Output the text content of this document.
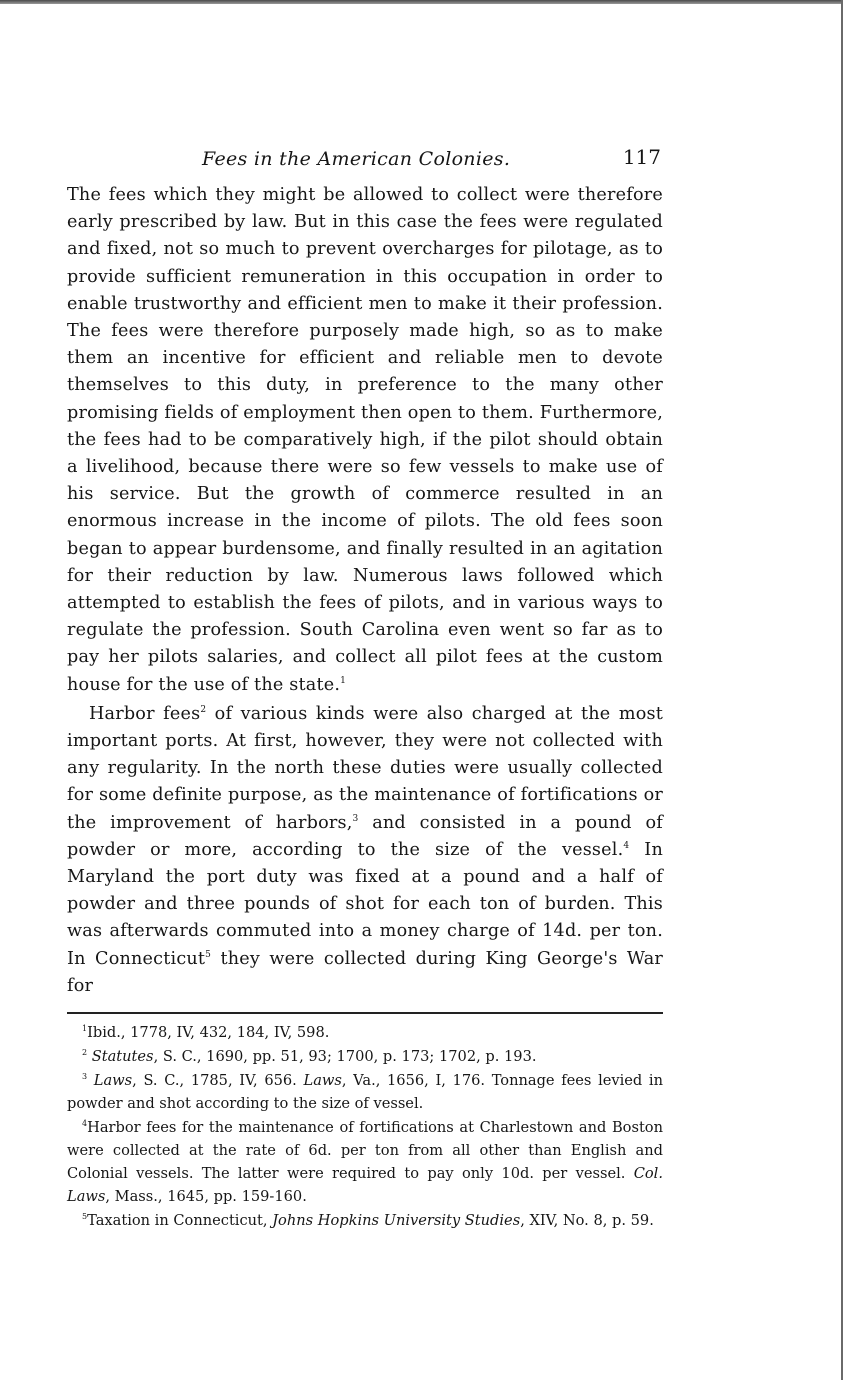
Fees in the American Colonies.	117

The fees which they might be allowed to collect were therefore early prescribed by law. But in this case the fees were regulated and fixed, not so much to prevent overcharges for pilotage, as to provide sufficient remuneration in this occupation in order to enable trustworthy and efficient men to make it their profession. The fees were therefore purposely made high, so as to make them an incentive for efficient and reliable men to devote themselves to this duty, in preference to the many other promising fields of employment then open to them. Furthermore, the fees had to be comparatively high, if the pilot should obtain a livelihood, because there were so few vessels to make use of his service. But the growth of commerce resulted in an enormous increase in the income of pilots. The old fees soon began to appear burdensome, and finally resulted in an agitation for their reduction by law. Numerous laws followed which attempted to establish the fees of pilots, and in various ways to regulate the profession. South Carolina even went so far as to pay her pilots salaries, and collect all pilot fees at the custom house for the use of the state.$^1$

Harbor fees$^2$ of various kinds were also charged at the most important ports. At first, however, they were not collected with any regularity. In the north these duties were usually collected for some definite purpose, as the maintenance of fortifications or the improvement of harbors,$^3$ and consisted in a pound of powder or more, according to the size of the vessel.$^4$ In Maryland the port duty was fixed at a pound and a half of powder and three pounds of shot for each ton of burden. This was afterwards commuted into a money charge of 14d. per ton. In Connecticut$^5$ they were collected during King George's War for

$^1$Ibid., 1778, IV, 432, 184, IV, 598.

$^2$ Statutes, S. C., 1690, pp. 51, 93; 1700, p. 173; 1702, p. 193.

$^3$ Laws, S. C., 1785, IV, 656. Laws, Va., 1656, I, 176. Tonnage fees levied in powder and shot according to the size of vessel.

$^4$Harbor fees for the maintenance of fortifications at Charlestown and Boston were collected at the rate of 6d. per ton from all other than English and Colonial vessels. The latter were required to pay only 10d. per vessel. Col. Laws, Mass., 1645, pp. 159-160.

$^5$Taxation in Connecticut, Johns Hopkins University Studies, XIV, No. 8, p. 59.
